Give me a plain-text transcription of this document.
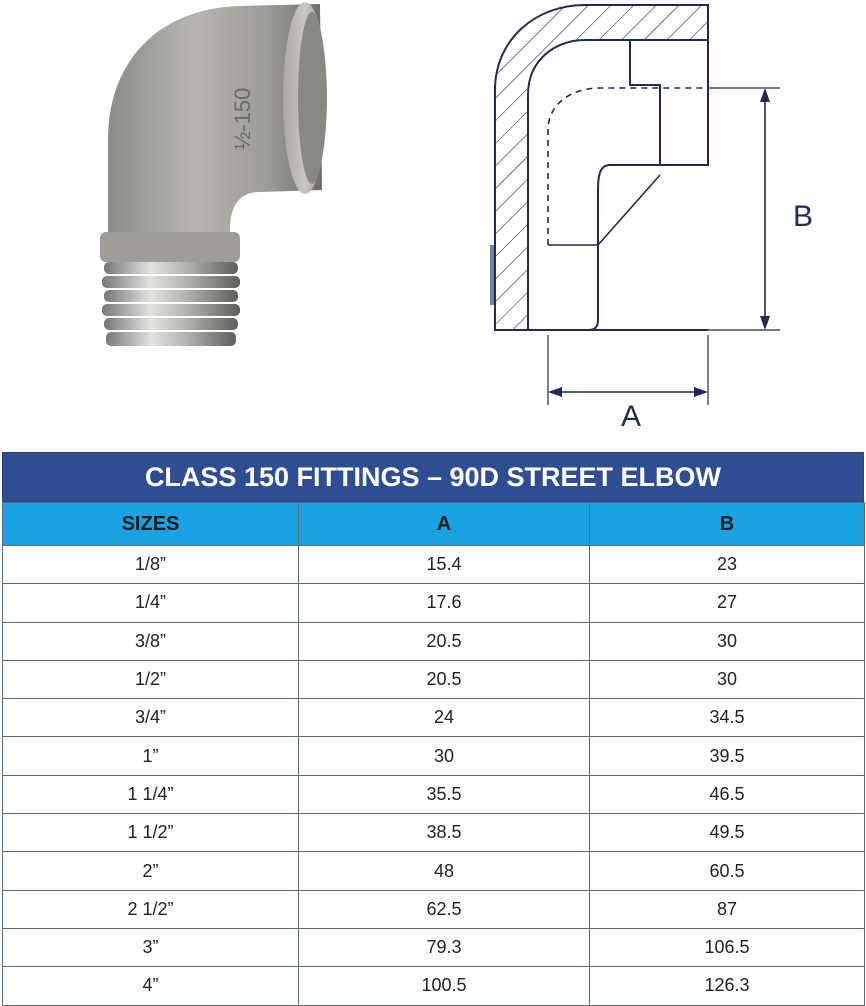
½-150
B
A
CLASS 150 FITTINGS – 90D STREET ELBOW
SIZES	A	B
1/8”	15.4	23
1/4”	17.6	27
3/8”	20.5	30
1/2”	20.5	30
3/4”	24	34.5
1”	30	39.5
1 1/4”	35.5	46.5
1 1/2”	38.5	49.5
2”	48	60.5
2 1/2”	62.5	87
3”	79.3	106.5
4”	100.5	126.3
